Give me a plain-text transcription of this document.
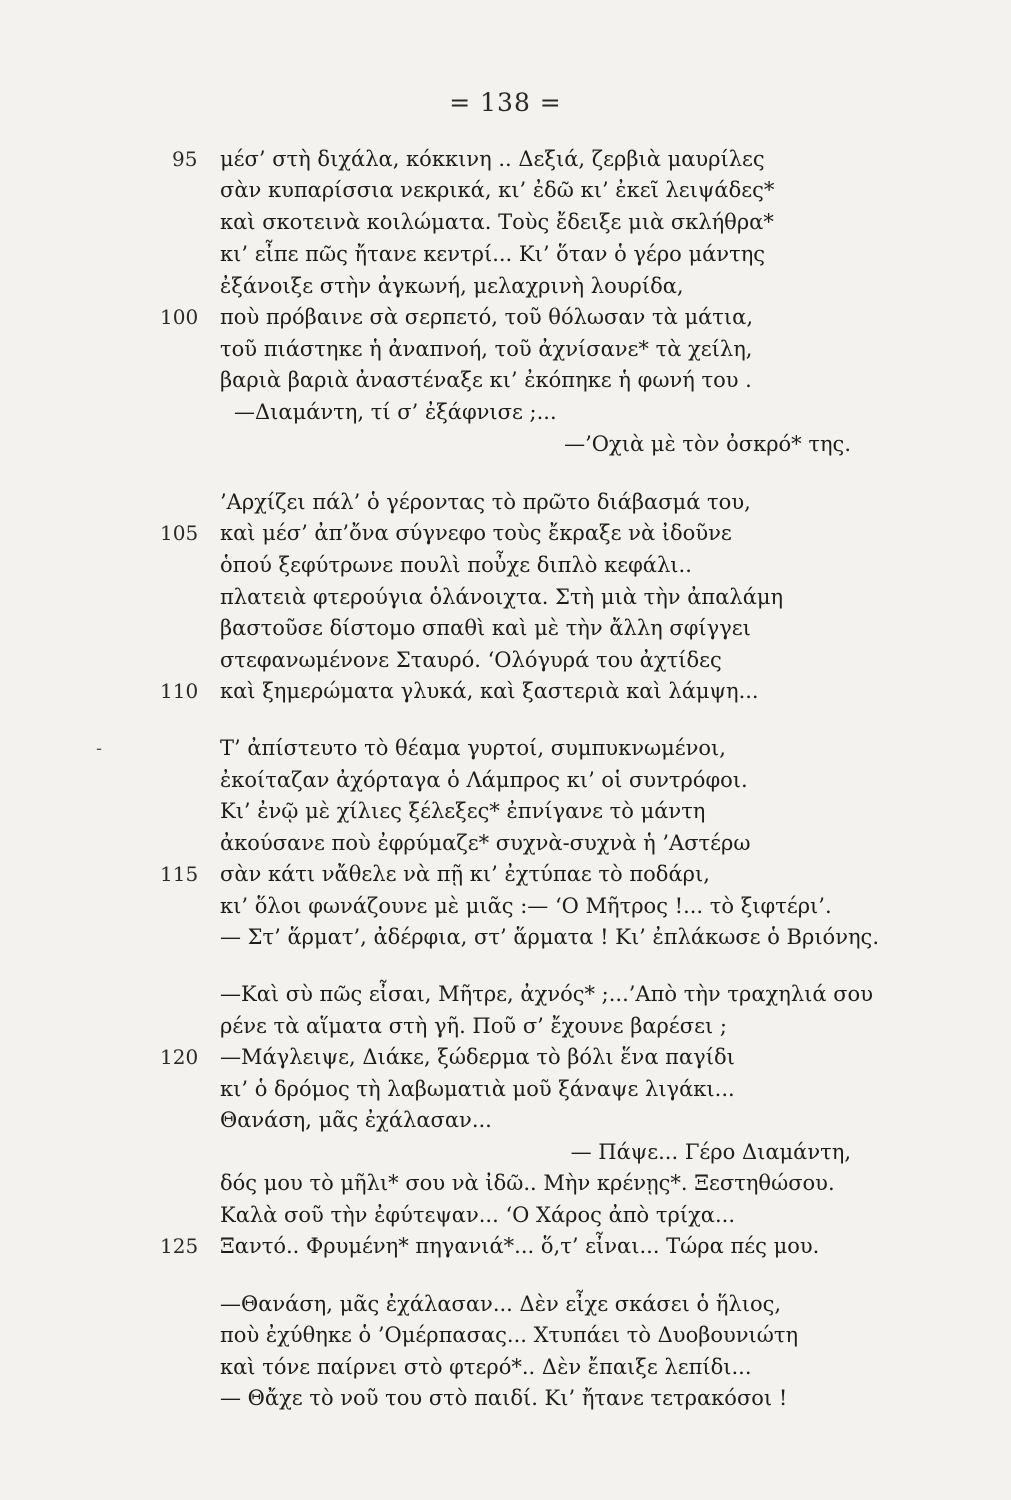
= 138 =
95	μέσ’ στὴ διχάλα, κόκκινη .. Δεξιά, ζερβιὰ μαυρίλες
σὰν κυπαρίσσια νεκρικά, κι’ ἐδῶ κι’ ἐκεῖ λειψάδες*
καὶ σκοτεινὰ κοιλώματα. Τοὺς ἔδειξε μιὰ σκλήθρα*
κι’ εἶπε πῶς ἤτανε κεντρί... Κι’ ὅταν ὁ γέρο μάντης
ἐξάνοιξε στὴν ἀγκωνή, μελαχρινὴ λουρίδα,
100	ποὺ πρόβαινε σὰ σερπετό, τοῦ θόλωσαν τὰ μάτια,
τοῦ πιάστηκε ἡ ἀναπνοή, τοῦ ἀχνίσανε* τὰ χείλη,
βαριὰ βαριὰ ἀναστέναξε κι’ ἐκόπηκε ἡ φωνή του .
—Διαμάντη, τί σ’ ἐξάφνισε ;...
—’Οχιὰ μὲ τὸν ὀσκρό* της.
’Αρχίζει πάλ’ ὁ γέροντας τὸ πρῶτο διάβασμά του,
105	καὶ μέσ’ ἀπ’ὄνα σύγνεφο τοὺς ἔκραξε νὰ ἰδοῦνε
ὁπού ξεφύτρωνε πουλὶ ποὖχε διπλὸ κεφάλι..
πλατειὰ φτερούγια ὁλάνοιχτα. Στὴ μιὰ τὴν ἀπαλάμη
βαστοῦσε δίστομο σπαθὶ καὶ μὲ τὴν ἄλλη σφίγγει
στεφανωμένονε Σταυρό. ‘Ολόγυρά του ἀχτίδες
110	καὶ ξημερώματα γλυκά, καὶ ξαστεριὰ καὶ λάμψη...
-	Τ’ ἀπίστευτο τὸ θέαμα γυρτοί, συμπυκνωμένοι,
ἐκοίταζαν ἀχόρταγα ὁ Λάμπρος κι’ οἱ συντρόφοι.
Κι’ ἐνῷ μὲ χίλιες ξέλεξες* ἐπνίγανε τὸ μάντη
ἀκούσανε ποὺ ἐφρύμαζε* συχνὰ-συχνὰ ἡ ’Αστέρω
115	σὰν κάτι νἄθελε νὰ πῇ κι’ ἐχτύπαε τὸ ποδάρι,
κι’ ὅλοι φωνάζουνε μὲ μιᾶς :— ‘Ο Μῆτρος !... τὸ ξιφτέρι’.
— Στ’ ἅρματ’, ἀδέρφια, στ’ ἅρματα ! Κι’ ἐπλάκωσε ὁ Βριόνης.
—Καὶ σὺ πῶς εἶσαι, Μῆτρε, ἀχνός* ;...’Απὸ τὴν τραχηλιά σου
ρένε τὰ αἵματα στὴ γῆ. Ποῦ σ’ ἔχουνε βαρέσει ;
120	—Μάγλειψε, Διάκε, ξώδερμα τὸ βόλι ἕνα παγίδι
κι’ ὁ δρόμος τὴ λαβωματιὰ μοῦ ξάναψε λιγάκι...
Θανάση, μᾶς ἐχάλασαν...
— Πάψε... Γέρο Διαμάντη,
δός μου τὸ μῆλι* σου νὰ ἰδῶ.. Μὴν κρένῃς*. Ξεστηθώσου.
Καλὰ σοῦ τὴν ἐφύτεψαν... ‘Ο Χάρος ἀπὸ τρίχα...
125	Ξαντό.. Φρυμένη* πηγανιά*... ὅ,τ’ εἶναι... Τώρα πές μου.
—Θανάση, μᾶς ἐχάλασαν... Δὲν εἶχε σκάσει ὁ ἥλιος,
ποὺ ἐχύθηκε ὁ ’Ομέρπασας... Χτυπάει τὸ Δυοβουνιώτη
καὶ τόνε παίρνει στὸ φτερό*.. Δὲν ἔπαιξε λεπίδι...
— Θἄχε τὸ νοῦ του στὸ παιδί. Κι’ ἤτανε τετρακόσοι !
